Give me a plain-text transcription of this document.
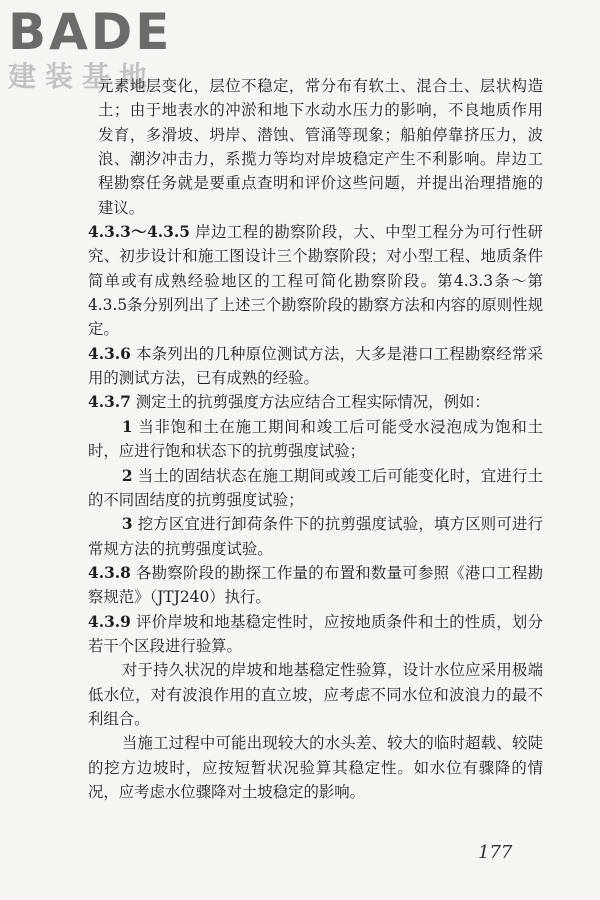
BADE

建装基地

元素地层变化，层位不稳定，常分布有软土、混合土、层状构造土；由于地表水的冲淤和地下水动水压力的影响，不良地质作用发育，多滑坡、坍岸、潜蚀、管涌等现象；船舶停靠挤压力，波浪、潮汐冲击力，系揽力等均对岸坡稳定产生不利影响。岸边工程勘察任务就是要重点查明和评价这些问题，并提出治理措施的建议。

4.3.3～4.3.5 岸边工程的勘察阶段，大、中型工程分为可行性研究、初步设计和施工图设计三个勘察阶段；对小型工程、地质条件简单或有成熟经验地区的工程可简化勘察阶段。第4.3.3条～第4.3.5条分别列出了上述三个勘察阶段的勘察方法和内容的原则性规定。

4.3.6 本条列出的几种原位测试方法，大多是港口工程勘察经常采用的测试方法，已有成熟的经验。

4.3.7 测定土的抗剪强度方法应结合工程实际情况，例如：

1 当非饱和土在施工期间和竣工后可能受水浸泡成为饱和土时，应进行饱和状态下的抗剪强度试验；

2 当土的固结状态在施工期间或竣工后可能变化时，宜进行土的不同固结度的抗剪强度试验；

3 挖方区宜进行卸荷条件下的抗剪强度试验，填方区则可进行常规方法的抗剪强度试验。

4.3.8 各勘察阶段的勘探工作量的布置和数量可参照《港口工程勘察规范》（JTJ240）执行。

4.3.9 评价岸坡和地基稳定性时，应按地质条件和土的性质，划分若干个区段进行验算。

对于持久状况的岸坡和地基稳定性验算，设计水位应采用极端低水位，对有波浪作用的直立坡，应考虑不同水位和波浪力的最不利组合。

当施工过程中可能出现较大的水头差、较大的临时超载、较陡的挖方边坡时，应按短暂状况验算其稳定性。如水位有骤降的情况，应考虑水位骤降对土坡稳定的影响。

177
